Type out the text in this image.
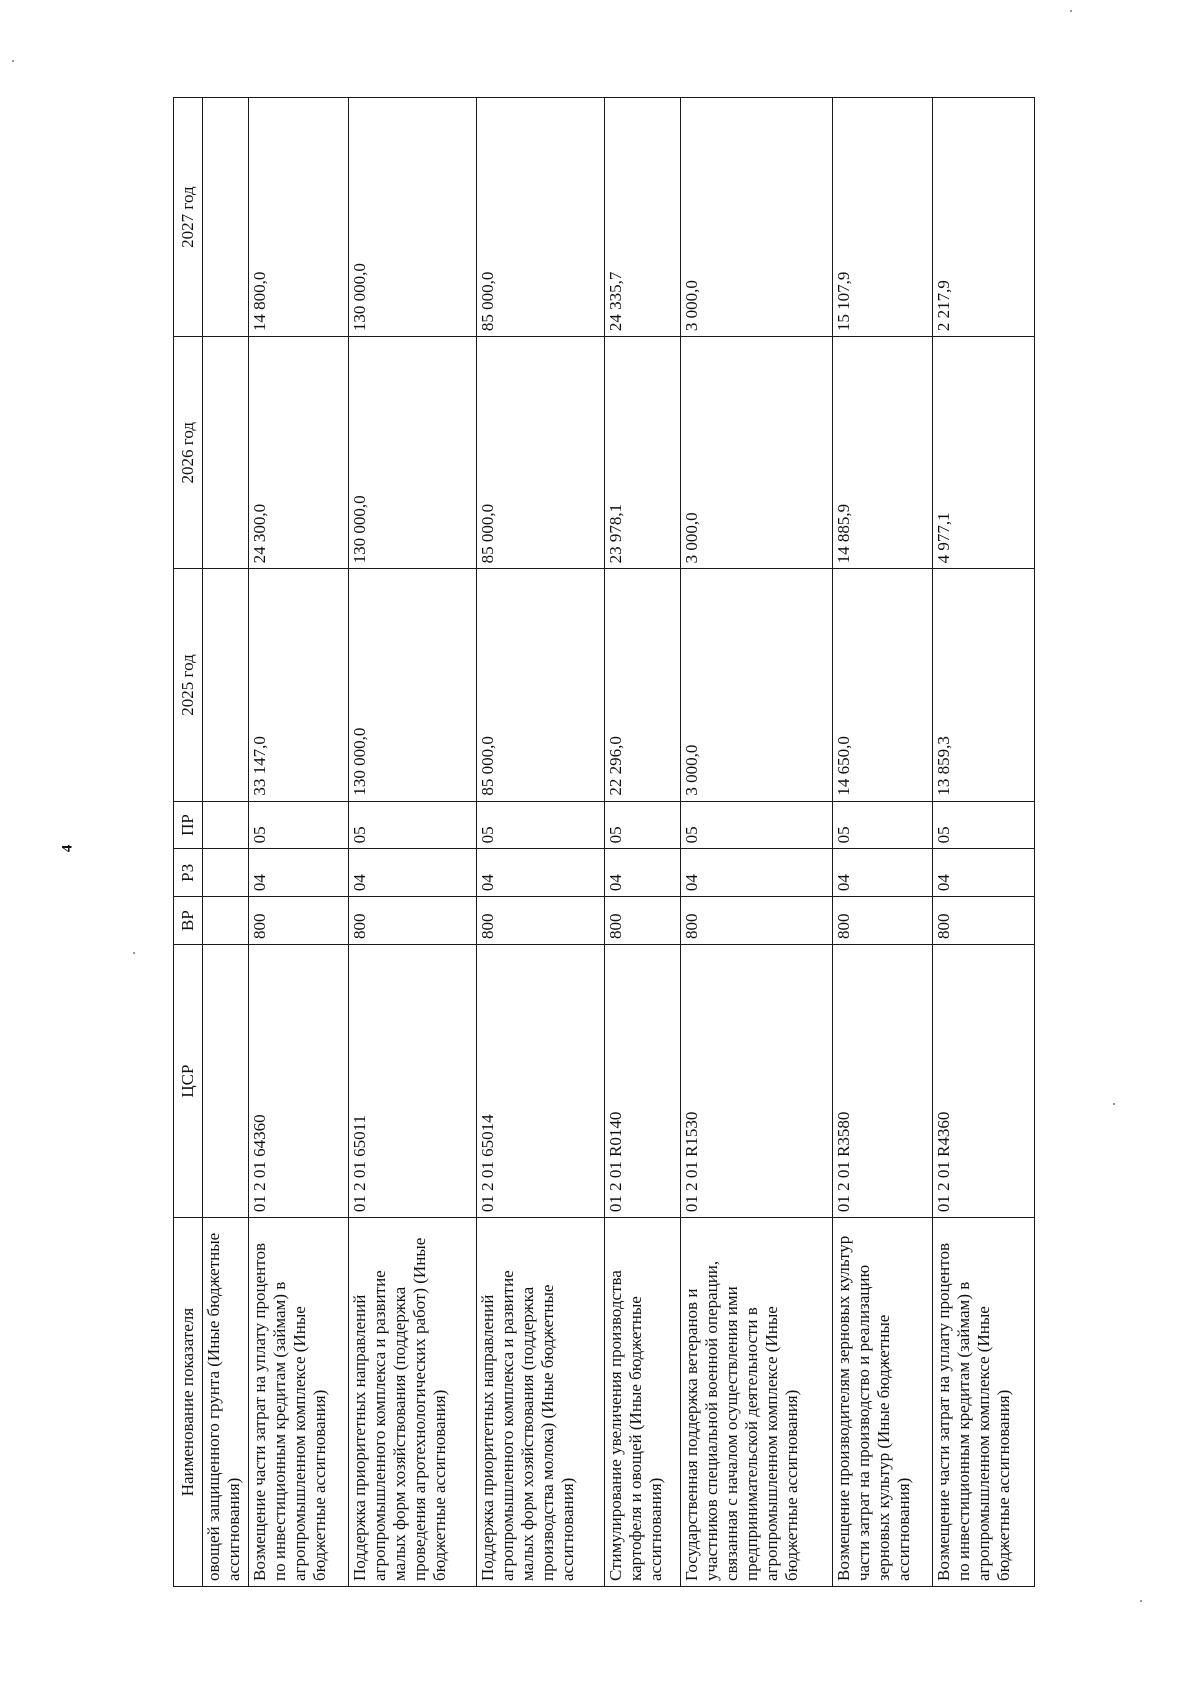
4
Наименование показателя	ЦСР	ВР	РЗ	ПР	2025 год	2026 год	2027 год
овощей защищенного грунта (Иные бюджетные ассигнования)							
Возмещение части затрат на уплату процентов по инвестиционным кредитам (займам) в агропромышленном комплексе (Иные бюджетные ассигнования)	01 2 01 64360	800	04	05	33 147,0	24 300,0	14 800,0
Поддержка приоритетных направлений агропромышленного комплекса и развитие малых форм хозяйствования (поддержка проведения агротехнологических работ) (Иные бюджетные ассигнования)	01 2 01 65011	800	04	05	130 000,0	130 000,0	130 000,0
Поддержка приоритетных направлений агропромышленного комплекса и развитие малых форм хозяйствования (поддержка производства молока) (Иные бюджетные ассигнования)	01 2 01 65014	800	04	05	85 000,0	85 000,0	85 000,0
Стимулирование увеличения производства картофеля и овощей (Иные бюджетные ассигнования)	01 2 01 R0140	800	04	05	22 296,0	23 978,1	24 335,7
Государственная поддержка ветеранов и участников специальной военной операции, связанная с началом осуществления ими предпринимательской деятельности в агропромышленном комплексе (Иные бюджетные ассигнования)	01 2 01 R1530	800	04	05	3 000,0	3 000,0	3 000,0
Возмещение производителям зерновых культур части затрат на производство и реализацию зерновых культур (Иные бюджетные ассигнования)	01 2 01 R3580	800	04	05	14 650,0	14 885,9	15 107,9
Возмещение части затрат на уплату процентов по инвестиционным кредитам (займам) в агропромышленном комплексе (Иные бюджетные ассигнования)	01 2 01 R4360	800	04	05	13 859,3	4 977,1	2 217,9
